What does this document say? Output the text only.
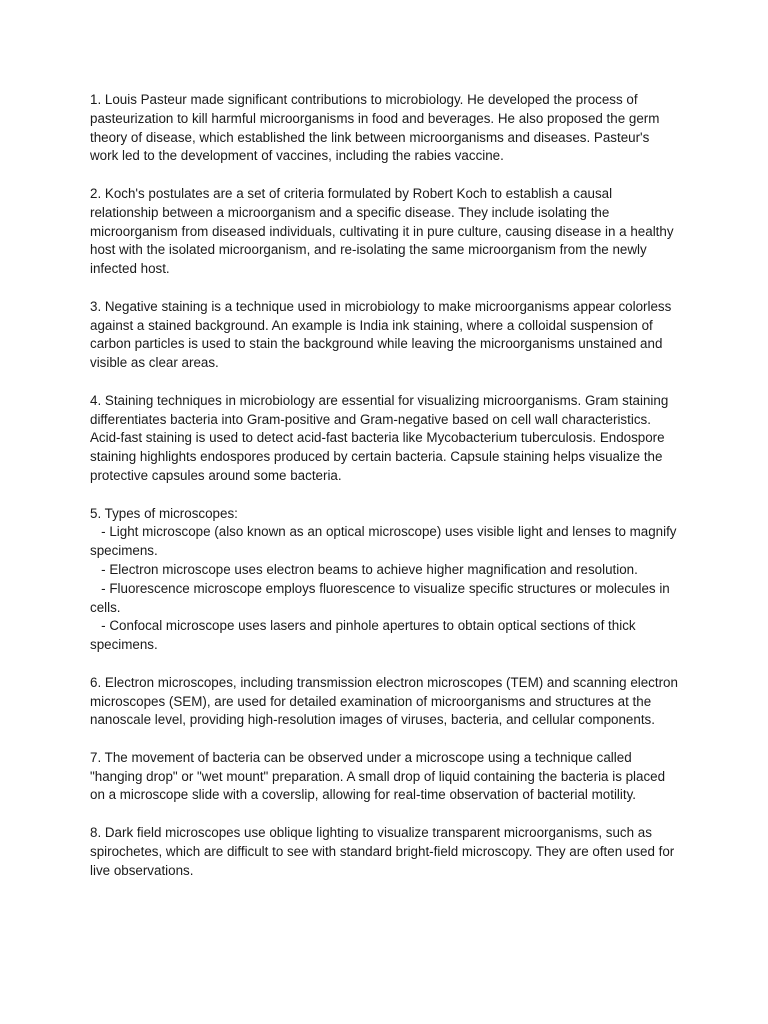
1. Louis Pasteur made significant contributions to microbiology. He developed the process of pasteurization to kill harmful microorganisms in food and beverages. He also proposed the germ theory of disease, which established the link between microorganisms and diseases. Pasteur's work led to the development of vaccines, including the rabies vaccine.

2. Koch's postulates are a set of criteria formulated by Robert Koch to establish a causal relationship between a microorganism and a specific disease. They include isolating the microorganism from diseased individuals, cultivating it in pure culture, causing disease in a healthy host with the isolated microorganism, and re-isolating the same microorganism from the newly infected host.

3. Negative staining is a technique used in microbiology to make microorganisms appear colorless against a stained background. An example is India ink staining, where a colloidal suspension of carbon particles is used to stain the background while leaving the microorganisms unstained and visible as clear areas.

4. Staining techniques in microbiology are essential for visualizing microorganisms. Gram staining differentiates bacteria into Gram-positive and Gram-negative based on cell wall characteristics. Acid-fast staining is used to detect acid-fast bacteria like Mycobacterium tuberculosis. Endospore staining highlights endospores produced by certain bacteria. Capsule staining helps visualize the protective capsules around some bacteria.

5. Types of microscopes:

- Light microscope (also known as an optical microscope) uses visible light and lenses to magnify specimens.

- Electron microscope uses electron beams to achieve higher magnification and resolution.

- Fluorescence microscope employs fluorescence to visualize specific structures or molecules in cells.

- Confocal microscope uses lasers and pinhole apertures to obtain optical sections of thick specimens.

6. Electron microscopes, including transmission electron microscopes (TEM) and scanning electron microscopes (SEM), are used for detailed examination of microorganisms and structures at the nanoscale level, providing high-resolution images of viruses, bacteria, and cellular components.

7. The movement of bacteria can be observed under a microscope using a technique called "hanging drop" or "wet mount" preparation. A small drop of liquid containing the bacteria is placed on a microscope slide with a coverslip, allowing for real-time observation of bacterial motility.

8. Dark field microscopes use oblique lighting to visualize transparent microorganisms, such as spirochetes, which are difficult to see with standard bright-field microscopy. They are often used for live observations.
